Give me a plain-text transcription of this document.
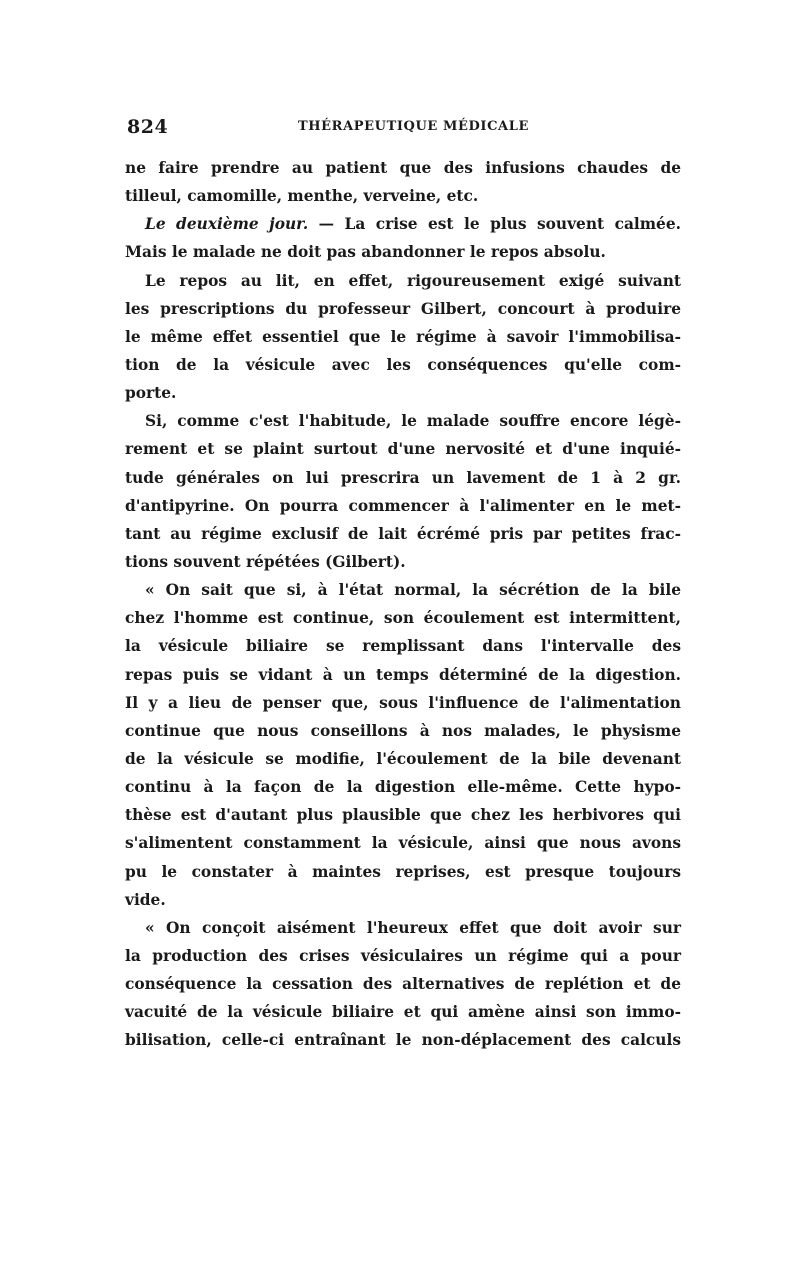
824	THÉRAPEUTIQUE MÉDICALE
ne faire prendre au patient que des infusions chaudes de
tilleul, camomille, menthe, verveine, etc.
Le deuxième jour. — La crise est le plus souvent calmée.
Mais le malade ne doit pas abandonner le repos absolu.
Le repos au lit, en effet, rigoureusement exigé suivant
les prescriptions du professeur Gilbert, concourt à produire
le même effet essentiel que le régime à savoir l'immobilisa-
tion de la vésicule avec les conséquences qu'elle com-
porte.
Si, comme c'est l'habitude, le malade souffre encore légè-
rement et se plaint surtout d'une nervosité et d'une inquié-
tude générales on lui prescrira un lavement de 1 à 2 gr.
d'antipyrine. On pourra commencer à l'alimenter en le met-
tant au régime exclusif de lait écrémé pris par petites frac-
tions souvent répétées (Gilbert).
« On sait que si, à l'état normal, la sécrétion de la bile
chez l'homme est continue, son écoulement est intermittent,
la vésicule biliaire se remplissant dans l'intervalle des
repas puis se vidant à un temps déterminé de la digestion.
Il y a lieu de penser que, sous l'influence de l'alimentation
continue que nous conseillons à nos malades, le physisme
de la vésicule se modifie, l'écoulement de la bile devenant
continu à la façon de la digestion elle-même. Cette hypo-
thèse est d'autant plus plausible que chez les herbivores qui
s'alimentent constamment la vésicule, ainsi que nous avons
pu le constater à maintes reprises, est presque toujours
vide.
« On conçoit aisément l'heureux effet que doit avoir sur
la production des crises vésiculaires un régime qui a pour
conséquence la cessation des alternatives de replétion et de
vacuité de la vésicule biliaire et qui amène ainsi son immo-
bilisation, celle-ci entraînant le non-déplacement des calculs
